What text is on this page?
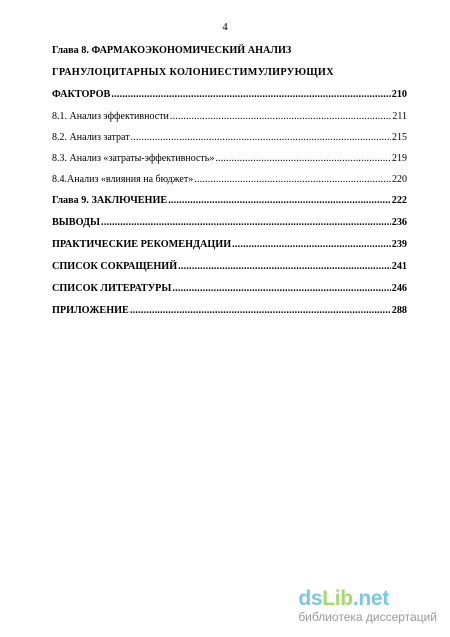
4
Глава 8. ФАРМАКОЭКОНОМИЧЕСКИЙ АНАЛИЗ
ГРАНУЛОЦИТАРНЫХ КОЛОНИЕСТИМУЛИРУЮЩИХ
ФАКТОРОВ .....	210
8.1. Анализ эффективности .....	211
8.2. Анализ затрат .....	215
8.3. Анализ «затраты-эффективность» .....	219
8.4.Анализ «влияния на бюджет» .....	220
Глава 9. ЗАКЛЮЧЕНИЕ .....	222
ВЫВОДЫ .....	236
ПРАКТИЧЕСКИЕ РЕКОМЕНДАЦИИ .....	239
СПИСОК СОКРАЩЕНИЙ .....	241
СПИСОК ЛИТЕРАТУРЫ .....	246
ПРИЛОЖЕНИЕ .....	288
dsLib.net
библиотека диссертаций
